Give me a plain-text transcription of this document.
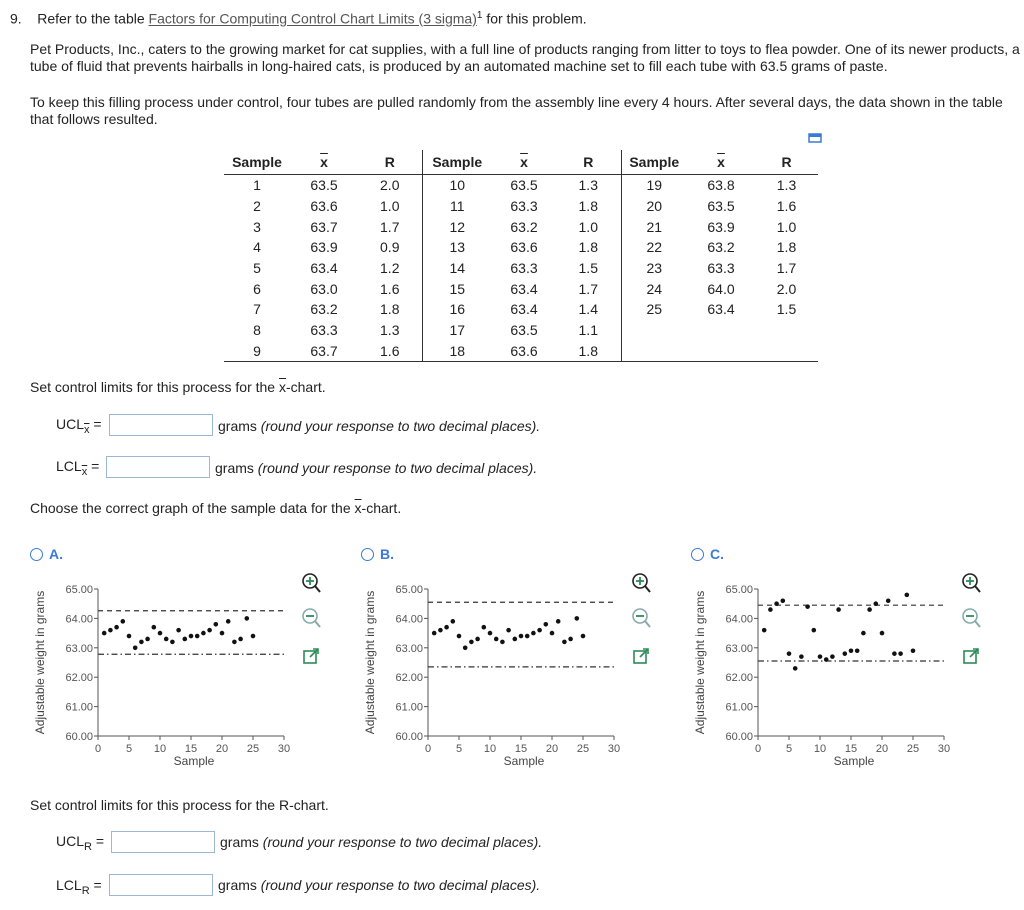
9. Refer to the table Factors for Computing Control Chart Limits (3 sigma)$^1$ for this problem.
Pet Products, Inc., caters to the growing market for cat supplies, with a full line of products ranging from litter to toys to flea powder. One of its newer products, a tube of fluid that prevents hairballs in long-haired cats, is produced by an automated machine set to fill each tube with 63.5 grams of paste.
To keep this filling process under control, four tubes are pulled randomly from the assembly line every 4 hours. After several days, the data shown in the table that follows resulted.
Sample	$\overline{x}$	R	Sample	$\overline{x}$	R	Sample	$\overline{x}$	R
1	63.5	2.0	10	63.5	1.3	19	63.8	1.3
2	63.6	1.0	11	63.3	1.8	20	63.5	1.6
3	63.7	1.7	12	63.2	1.0	21	63.9	1.0
4	63.9	0.9	13	63.6	1.8	22	63.2	1.8
5	63.4	1.2	14	63.3	1.5	23	63.3	1.7
6	63.0	1.6	15	63.4	1.7	24	64.0	2.0
7	63.2	1.8	16	63.4	1.4	25	63.4	1.5
8	63.3	1.3	17	63.5	1.1			
9	63.7	1.6	18	63.6	1.8			
Set control limits for this process for the $\overline{x}$-chart.
$UCL_{\overline{x}}$ =	grams (round your response to two decimal places).
$LCL_{\overline{x}}$ =	grams (round your response to two decimal places).
Choose the correct graph of the sample data for the $\overline{x}$-chart.
A.	B.	C.
Adjustable weight in grams
60.00
61.00
62.00
63.00
64.00
65.00
0 5 10 15 20 25 30
Sample
Adjustable weight in grams
60.00
61.00
62.00
63.00
64.00
65.00
0 5 10 15 20 25 30
Sample
Adjustable weight in grams
60.00
61.00
62.00
63.00
64.00
65.00
0 5 10 15 20 25 30
Sample
Set control limits for this process for the R-chart.
$UCL_R$ =	grams (round your response to two decimal places).
$LCL_R$ =	grams (round your response to two decimal places).
